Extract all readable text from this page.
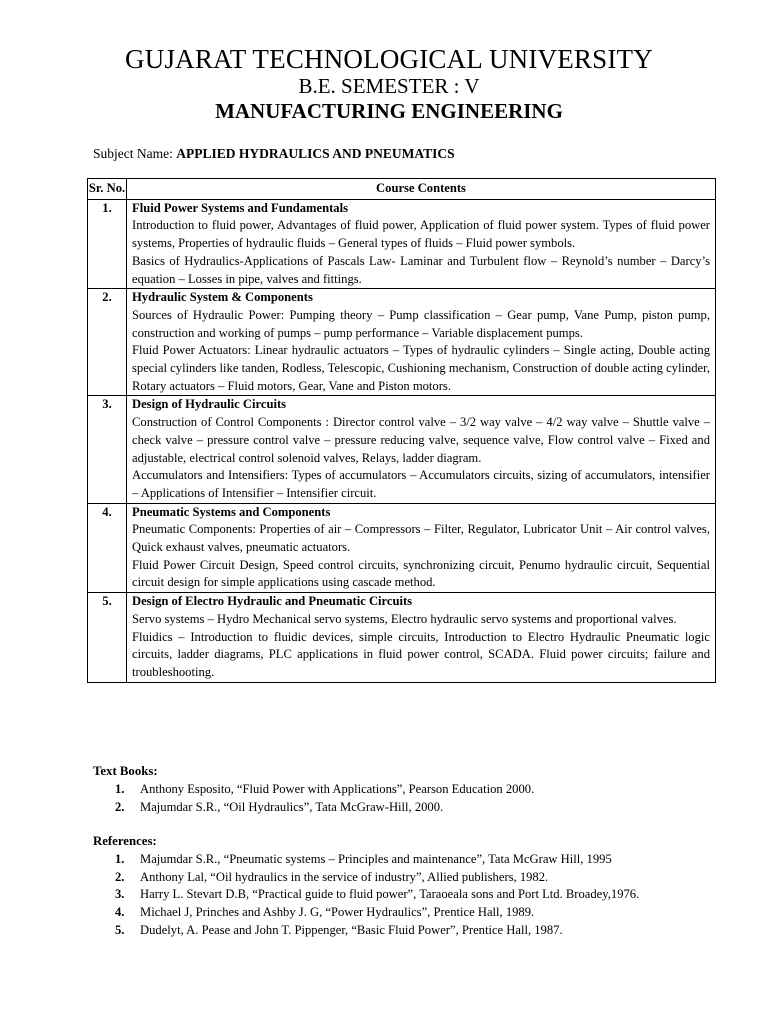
GUJARAT TECHNOLOGICAL UNIVERSITY
B.E. SEMESTER : V
MANUFACTURING ENGINEERING
Subject Name: APPLIED HYDRAULICS AND PNEUMATICS
Sr. No.	Course Contents
1.	Fluid Power Systems and Fundamentals
Introduction to fluid power, Advantages of fluid power, Application of fluid power system. Types of fluid power systems, Properties of hydraulic fluids – General types of fluids – Fluid power symbols.
Basics of Hydraulics-Applications of Pascals Law- Laminar and Turbulent flow – Reynold’s number – Darcy’s equation – Losses in pipe, valves and fittings.

2.	Hydraulic System & Components
Sources of Hydraulic Power: Pumping theory – Pump classification – Gear pump, Vane Pump, piston pump, construction and working of pumps – pump performance – Variable displacement pumps.
Fluid Power Actuators: Linear hydraulic actuators – Types of hydraulic cylinders – Single acting, Double acting special cylinders like tanden, Rodless, Telescopic, Cushioning mechanism, Construction of double acting cylinder, Rotary actuators – Fluid motors, Gear, Vane and Piston motors.

3.	Design of Hydraulic Circuits
Construction of Control Components : Director control valve – 3/2 way valve – 4/2 way valve – Shuttle valve – check valve – pressure control valve – pressure reducing valve, sequence valve, Flow control valve – Fixed and adjustable, electrical control solenoid valves, Relays, ladder diagram.
Accumulators and Intensifiers: Types of accumulators – Accumulators circuits, sizing of accumulators, intensifier – Applications of Intensifier – Intensifier circuit.

4.	Pneumatic Systems and Components
Pneumatic Components: Properties of air – Compressors – Filter, Regulator, Lubricator Unit – Air control valves, Quick exhaust valves, pneumatic actuators.
Fluid Power Circuit Design, Speed control circuits, synchronizing circuit, Penumo hydraulic circuit, Sequential circuit design for simple applications using cascade method.

5.	Design of Electro Hydraulic and Pneumatic Circuits
Servo systems – Hydro Mechanical servo systems, Electro hydraulic servo systems and proportional valves.
Fluidics – Introduction to fluidic devices, simple circuits, Introduction to Electro Hydraulic Pneumatic logic circuits, ladder diagrams, PLC applications in fluid power control, SCADA. Fluid power circuits; failure and troubleshooting.
Text Books:
1. Anthony Esposito, “Fluid Power with Applications”, Pearson Education 2000.
2. Majumdar S.R., “Oil Hydraulics”, Tata McGraw-Hill, 2000.
References:
1. Majumdar S.R., “Pneumatic systems – Principles and maintenance”, Tata McGraw Hill, 1995
2. Anthony Lal, “Oil hydraulics in the service of industry”, Allied publishers, 1982.
3. Harry L. Stevart D.B, “Practical guide to fluid power”, Taraoeala sons and Port Ltd. Broadey,1976.
4. Michael J, Prinches and Ashby J. G, “Power Hydraulics”, Prentice Hall, 1989.
5. Dudelyt, A. Pease and John T. Pippenger, “Basic Fluid Power”, Prentice Hall, 1987.
